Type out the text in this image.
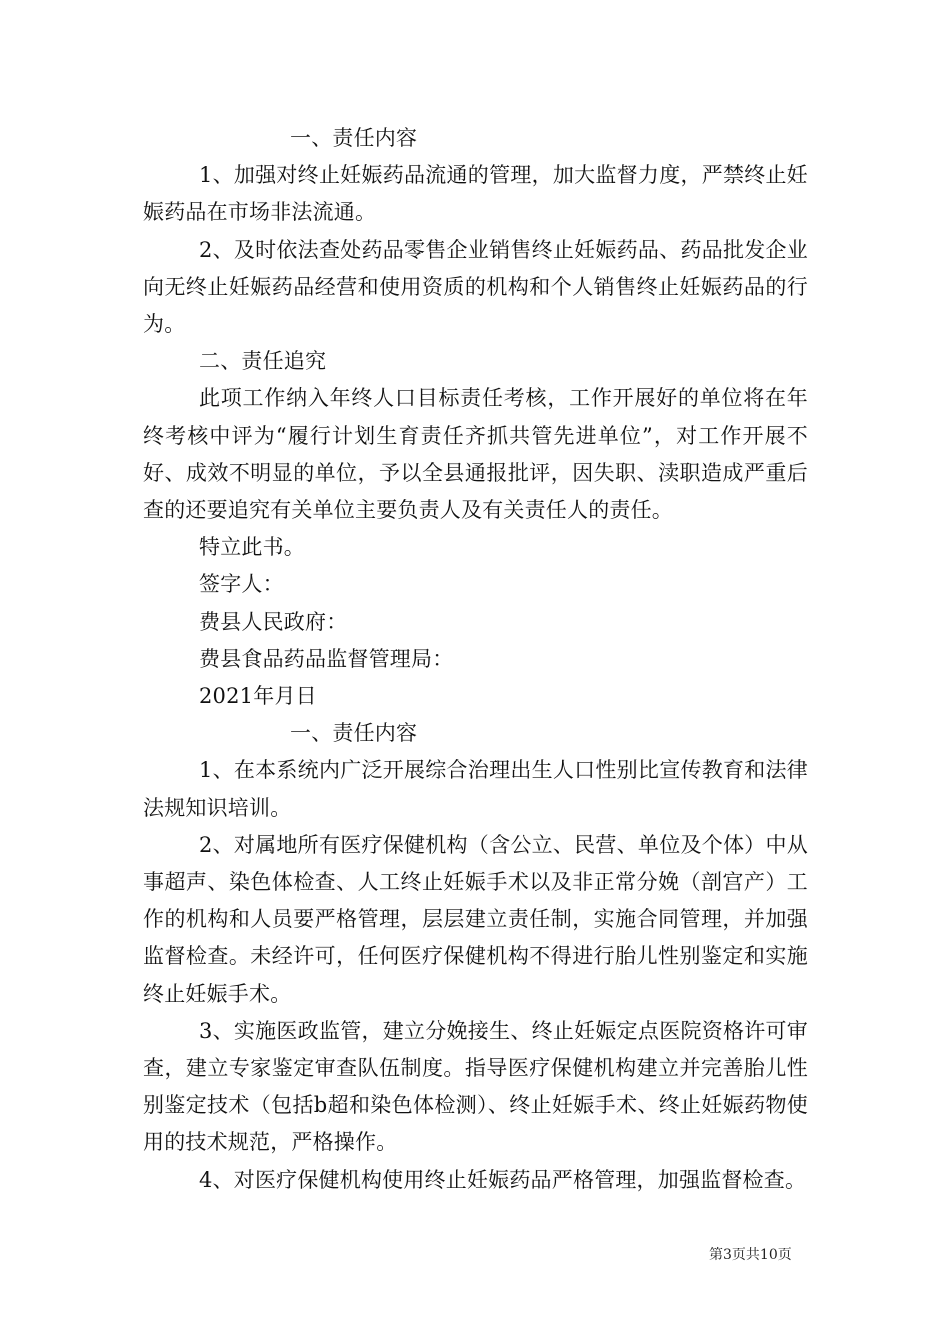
一、责任内容

1、加强对终止妊娠药品流通的管理，加大监督力度，严禁终止妊娠药品在市场非法流通。

2、及时依法查处药品零售企业销售终止妊娠药品、药品批发企业向无终止妊娠药品经营和使用资质的机构和个人销售终止妊娠药品的行为。

二、责任追究

此项工作纳入年终人口目标责任考核，工作开展好的单位将在年终考核中评为“履行计划生育责任齐抓共管先进单位”，对工作开展不好、成效不明显的单位，予以全县通报批评，因失职、渎职造成严重后查的还要追究有关单位主要负责人及有关责任人的责任。

特立此书。

签字人：

费县人民政府：

费县食品药品监督管理局：

2021年月日

一、责任内容

1、在本系统内广泛开展综合治理出生人口性别比宣传教育和法律法规知识培训。

2、对属地所有医疗保健机构（含公立、民营、单位及个体）中从事超声、染色体检查、人工终止妊娠手术以及非正常分娩（剖宫产）工作的机构和人员要严格管理，层层建立责任制，实施合同管理，并加强监督检查。未经许可，任何医疗保健机构不得进行胎儿性别鉴定和实施终止妊娠手术。

3、实施医政监管，建立分娩接生、终止妊娠定点医院资格许可审查，建立专家鉴定审查队伍制度。指导医疗保健机构建立并完善胎儿性别鉴定技术（包括b超和染色体检测）、终止妊娠手术、终止妊娠药物使用的技术规范，严格操作。

4、对医疗保健机构使用终止妊娠药品严格管理，加强监督检查。

第3页共10页
